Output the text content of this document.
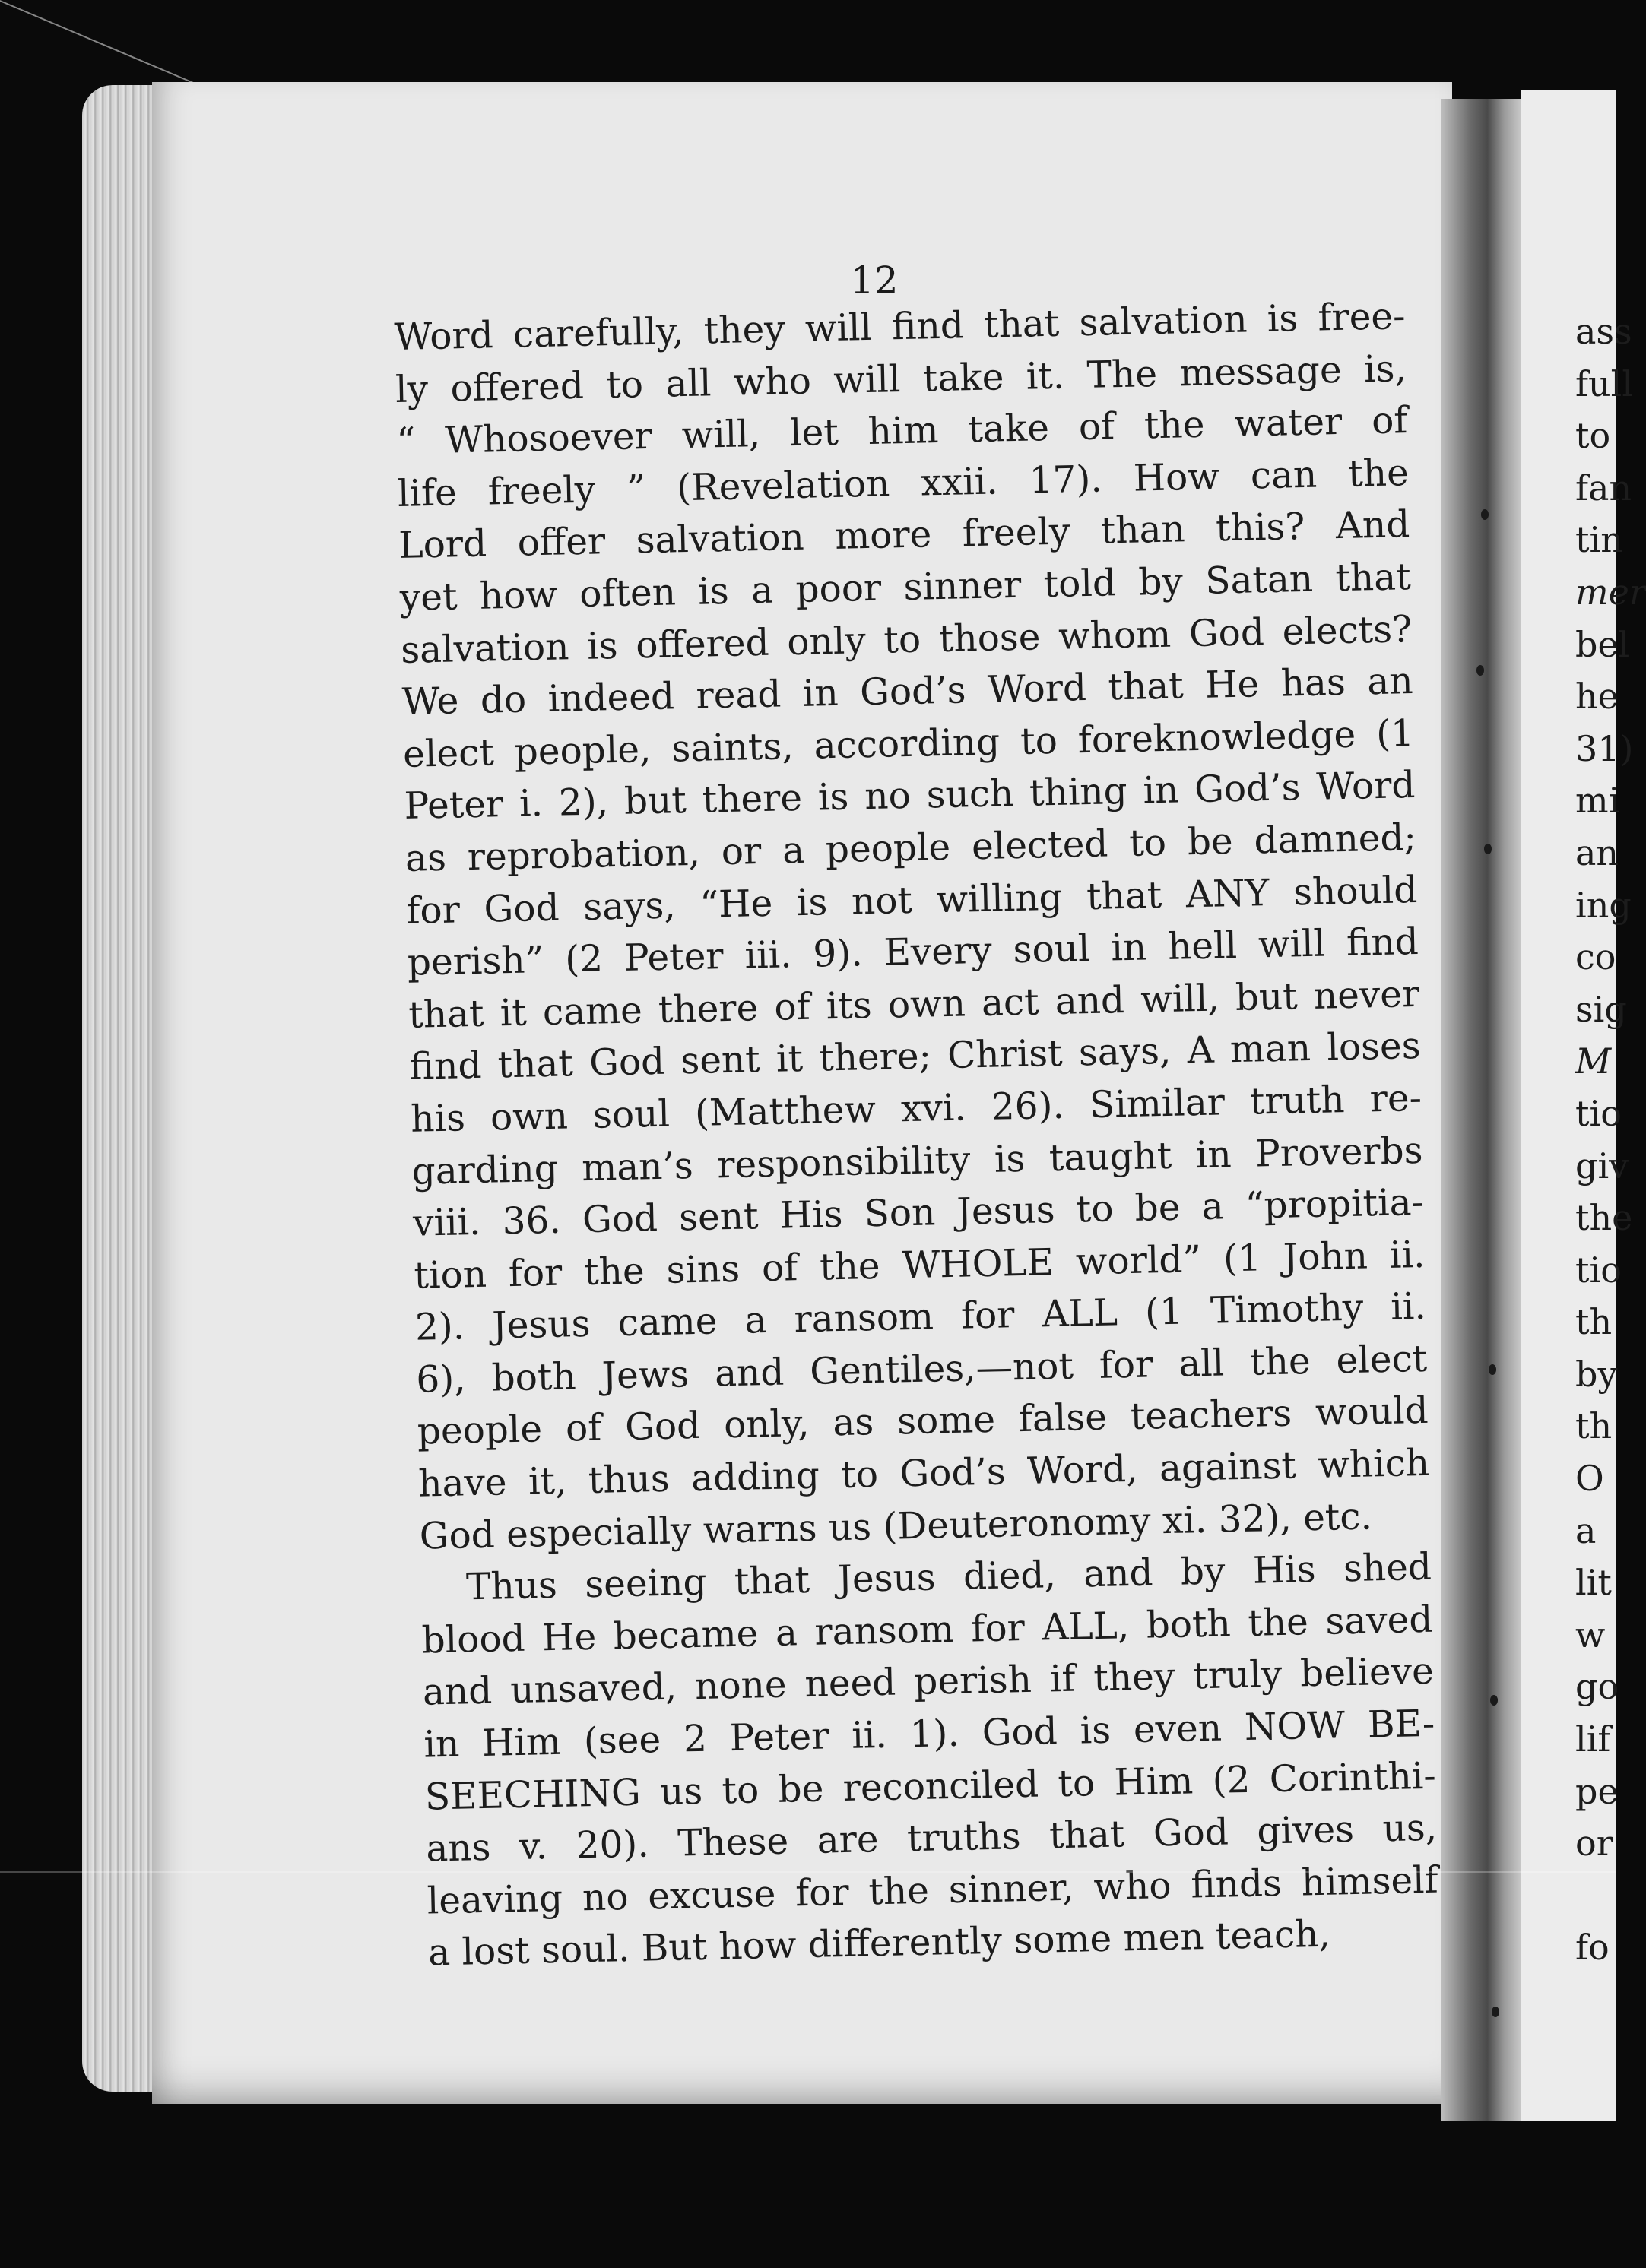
12
Word carefully, they will find that salvation is free-
ly offered to all who will take it. The message is,
“ Whosoever will, let him take of the water of
life freely ” (Revelation xxii. 17). How can the
Lord offer salvation more freely than this? And
yet how often is a poor sinner told by Satan that
salvation is offered only to those whom God elects?
We do indeed read in God’s Word that He has an
elect people, saints, according to foreknowledge (1
Peter i. 2), but there is no such thing in God’s Word
as reprobation, or a people elected to be damned;
for God says, “He is not willing that ANY should
perish” (2 Peter iii. 9). Every soul in hell will find
that it came there of its own act and will, but never
find that God sent it there; Christ says, A man loses
his own soul (Matthew xvi. 26). Similar truth re-
garding man’s responsibility is taught in Proverbs
viii. 36. God sent His Son Jesus to be a “propitia-
tion for the sins of the WHOLE world” (1 John ii.
2). Jesus came a ransom for ALL (1 Timothy ii.
6), both Jews and Gentiles,—not for all the elect
people of God only, as some false teachers would
have it, thus adding to God’s Word, against which
God especially warns us (Deuteronomy xi. 32), etc.
Thus seeing that Jesus died, and by His shed
blood He became a ransom for ALL, both the saved
and unsaved, none need perish if they truly believe
in Him (see 2 Peter ii. 1). God is even NOW BE-
SEECHING us to be reconciled to Him (2 Corinthi-
ans v. 20). These are truths that God gives us,
leaving no excuse for the sinner, who finds himself
a lost soul. But how differently some men teach,
ass
full
to
fan
tin
mer
bel
he
31)
mi
an
ing
co
sig
M
tio
giv
the
tio
th
by
th
O
a
lit
w
go
lif
pe
or
fo
